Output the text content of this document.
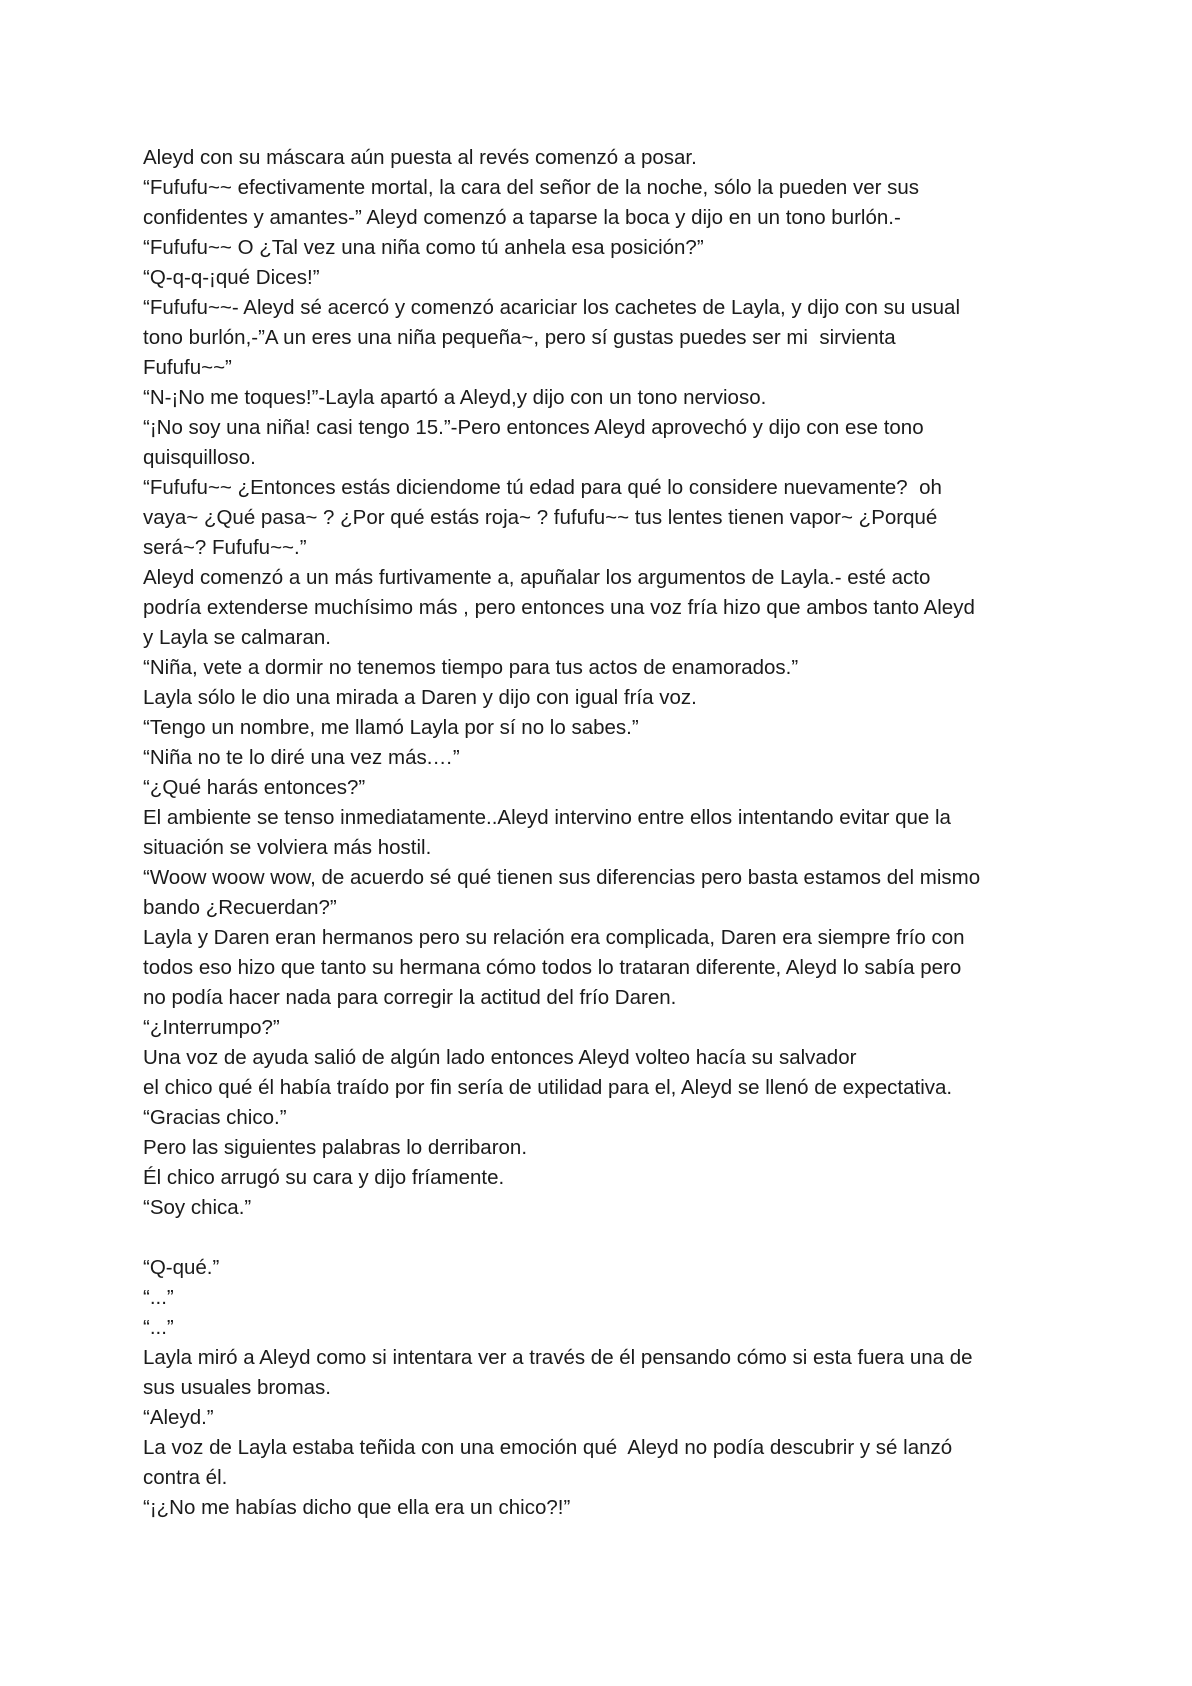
Aleyd con su máscara aún puesta al revés comenzó a posar.
“Fufufu~~ efectivamente mortal, la cara del señor de la noche, sólo la pueden ver sus
confidentes y amantes-” Aleyd comenzó a taparse la boca y dijo en un tono burlón.-
“Fufufu~~ O ¿Tal vez una niña como tú anhela esa posición?”
“Q-q-q-¡qué Dices!”
“Fufufu~~- Aleyd sé acercó y comenzó acariciar los cachetes de Layla, y dijo con su usual
tono burlón,-”A un eres una niña pequeña~, pero sí gustas puedes ser mi  sirvienta
Fufufu~~”
“N-¡No me toques!”-Layla apartó a Aleyd,y dijo con un tono nervioso.
“¡No soy una niña! casi tengo 15.”-Pero entonces Aleyd aprovechó y dijo con ese tono
quisquilloso.
“Fufufu~~ ¿Entonces estás diciendome tú edad para qué lo considere nuevamente?  oh
vaya~ ¿Qué pasa~ ? ¿Por qué estás roja~ ? fufufu~~ tus lentes tienen vapor~ ¿Porqué
será~? Fufufu~~.”
Aleyd comenzó a un más furtivamente a, apuñalar los argumentos de Layla.- esté acto
podría extenderse muchísimo más , pero entonces una voz fría hizo que ambos tanto Aleyd
y Layla se calmaran.
“Niña, vete a dormir no tenemos tiempo para tus actos de enamorados.”
Layla sólo le dio una mirada a Daren y dijo con igual fría voz.
“Tengo un nombre, me llamó Layla por sí no lo sabes.”
“Niña no te lo diré una vez más.…”
“¿Qué harás entonces?”
El ambiente se tenso inmediatamente..Aleyd intervino entre ellos intentando evitar que la
situación se volviera más hostil.
“Woow woow wow, de acuerdo sé qué tienen sus diferencias pero basta estamos del mismo
bando ¿Recuerdan?”
Layla y Daren eran hermanos pero su relación era complicada, Daren era siempre frío con
todos eso hizo que tanto su hermana cómo todos lo trataran diferente, Aleyd lo sabía pero
no podía hacer nada para corregir la actitud del frío Daren.
“¿Interrumpo?”
Una voz de ayuda salió de algún lado entonces Aleyd volteo hacía su salvador
el chico qué él había traído por fin sería de utilidad para el, Aleyd se llenó de expectativa.
“Gracias chico.”
Pero las siguientes palabras lo derribaron.
Él chico arrugó su cara y dijo fríamente.
“Soy chica.”
“Q-qué.”
“...”
“...”
Layla miró a Aleyd como si intentara ver a través de él pensando cómo si esta fuera una de
sus usuales bromas.
“Aleyd.”
La voz de Layla estaba teñida con una emoción qué  Aleyd no podía descubrir y sé lanzó
contra él.
“¡¿No me habías dicho que ella era un chico?!”
